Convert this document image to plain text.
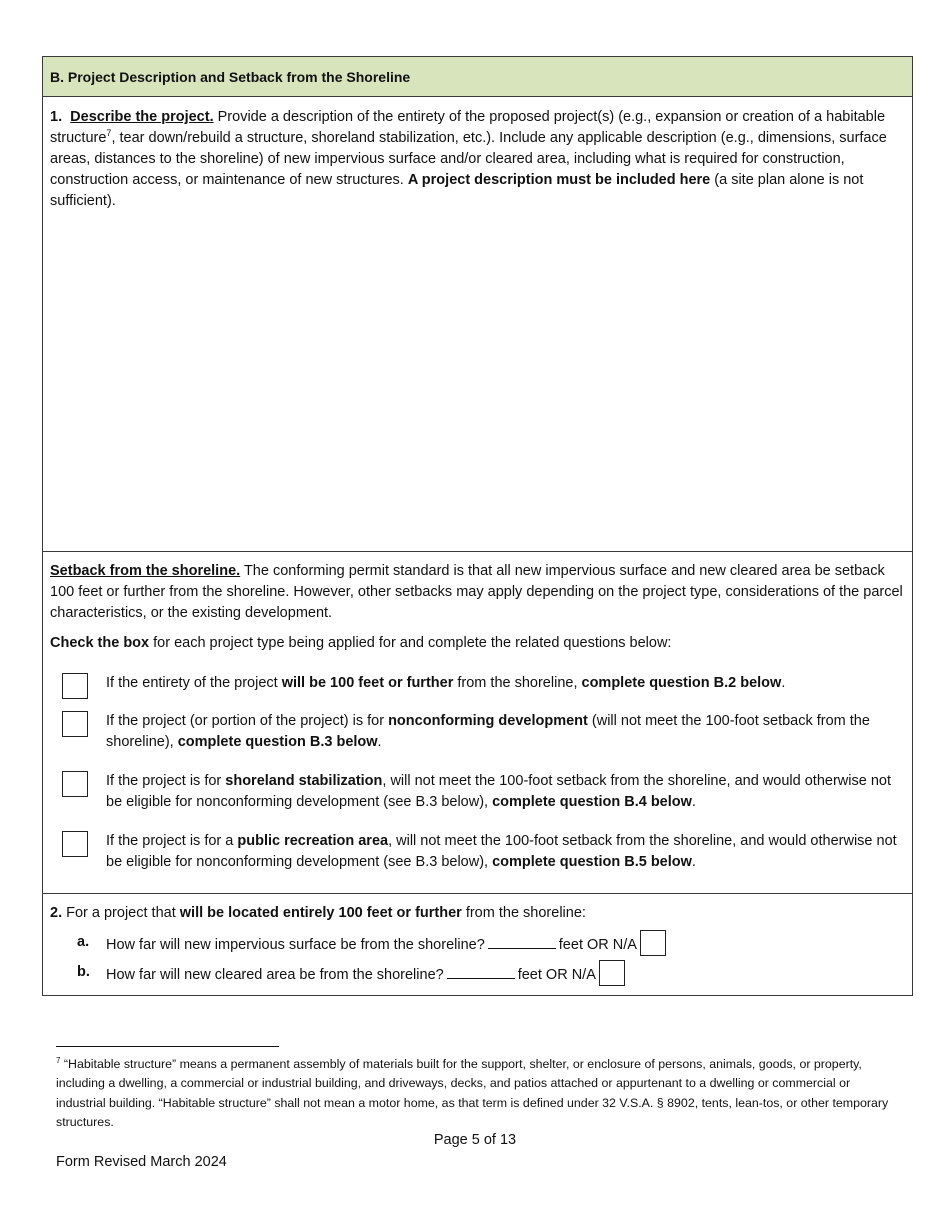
B. Project Description and Setback from the Shoreline

1. Describe the project. Provide a description of the entirety of the proposed project(s) (e.g., expansion or creation of a habitable structure$^7$, tear down/rebuild a structure, shoreland stabilization, etc.). Include any applicable description (e.g., dimensions, surface areas, distances to the shoreline) of new impervious surface and/or cleared area, including what is required for construction, construction access, or maintenance of new structures. A project description must be included here (a site plan alone is not sufficient).

Setback from the shoreline. The conforming permit standard is that all new impervious surface and new cleared area be setback 100 feet or further from the shoreline. However, other setbacks may apply depending on the project type, considerations of the parcel characteristics, or the existing development.

Check the box for each project type being applied for and complete the related questions below:

If the entirety of the project will be 100 feet or further from the shoreline, complete question B.2 below.
If the project (or portion of the project) is for nonconforming development (will not meet the 100-foot setback from the shoreline), complete question B.3 below.
If the project is for shoreland stabilization, will not meet the 100-foot setback from the shoreline, and would otherwise not be eligible for nonconforming development (see B.3 below), complete question B.4 below.
If the project is for a public recreation area, will not meet the 100-foot setback from the shoreline, and would otherwise not be eligible for nonconforming development (see B.3 below), complete question B.5 below.
2. For a project that will be located entirely 100 feet or further from the shoreline:
a. How far will new impervious surface be from the shoreline?	feet OR N/A
b. How far will new cleared area be from the shoreline?	feet OR N/A
$^7$ “Habitable structure” means a permanent assembly of materials built for the support, shelter, or enclosure of persons, animals, goods, or property, including a dwelling, a commercial or industrial building, and driveways, decks, and patios attached or appurtenant to a dwelling or commercial or industrial building. “Habitable structure” shall not mean a motor home, as that term is defined under 32 V.S.A. § 8902, tents, lean-tos, or other temporary structures.
Page 5 of 13
Form Revised March 2024
